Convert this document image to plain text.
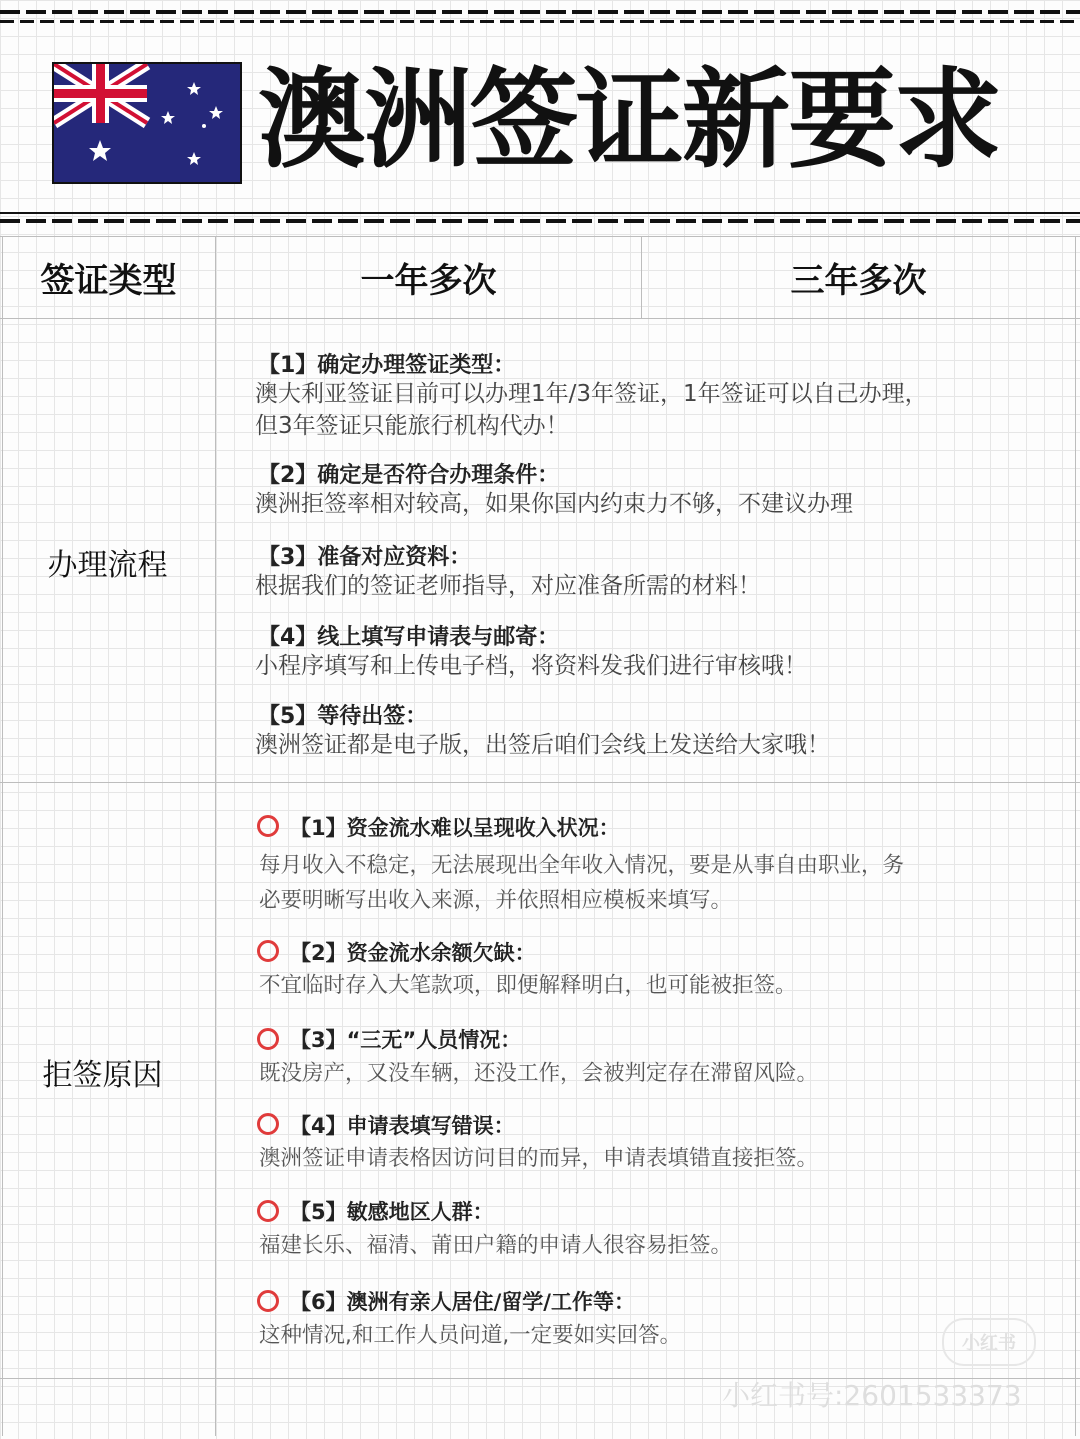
澳洲签证新要求
签证类型	一年多次	三年多次
办理流程
【1】确定办理签证类型：
澳大利亚签证目前可以办理1年/3年签证，1年签证可以自己办理，但3年签证只能旅行机构代办！
【2】确定是否符合办理条件：
澳洲拒签率相对较高，如果你国内约束力不够，不建议办理
【3】准备对应资料：
根据我们的签证老师指导，对应准备所需的材料！
【4】线上填写申请表与邮寄：
小程序填写和上传电子档，将资料发我们进行审核哦！
【5】等待出签：
澳洲签证都是电子版，出签后咱们会线上发送给大家哦！
拒签原因
【1】资金流水难以呈现收入状况：
每月收入不稳定，无法展现出全年收入情况，要是从事自由职业，务必要明晰写出收入来源，并依照相应模板来填写。
【2】资金流水余额欠缺：
不宜临时存入大笔款项，即便解释明白，也可能被拒签。
【3】“三无”人员情况：
既没房产，又没车辆，还没工作，会被判定存在滞留风险。
【4】申请表填写错误：
澳洲签证申请表格因访问目的而异，申请表填错直接拒签。
【5】敏感地区人群：
福建长乐、福清、莆田户籍的申请人很容易拒签。
【6】澳洲有亲人居住/留学/工作等：
这种情况,和工作人员问道,一定要如实回答。	小红书
小红书号:2601533373
